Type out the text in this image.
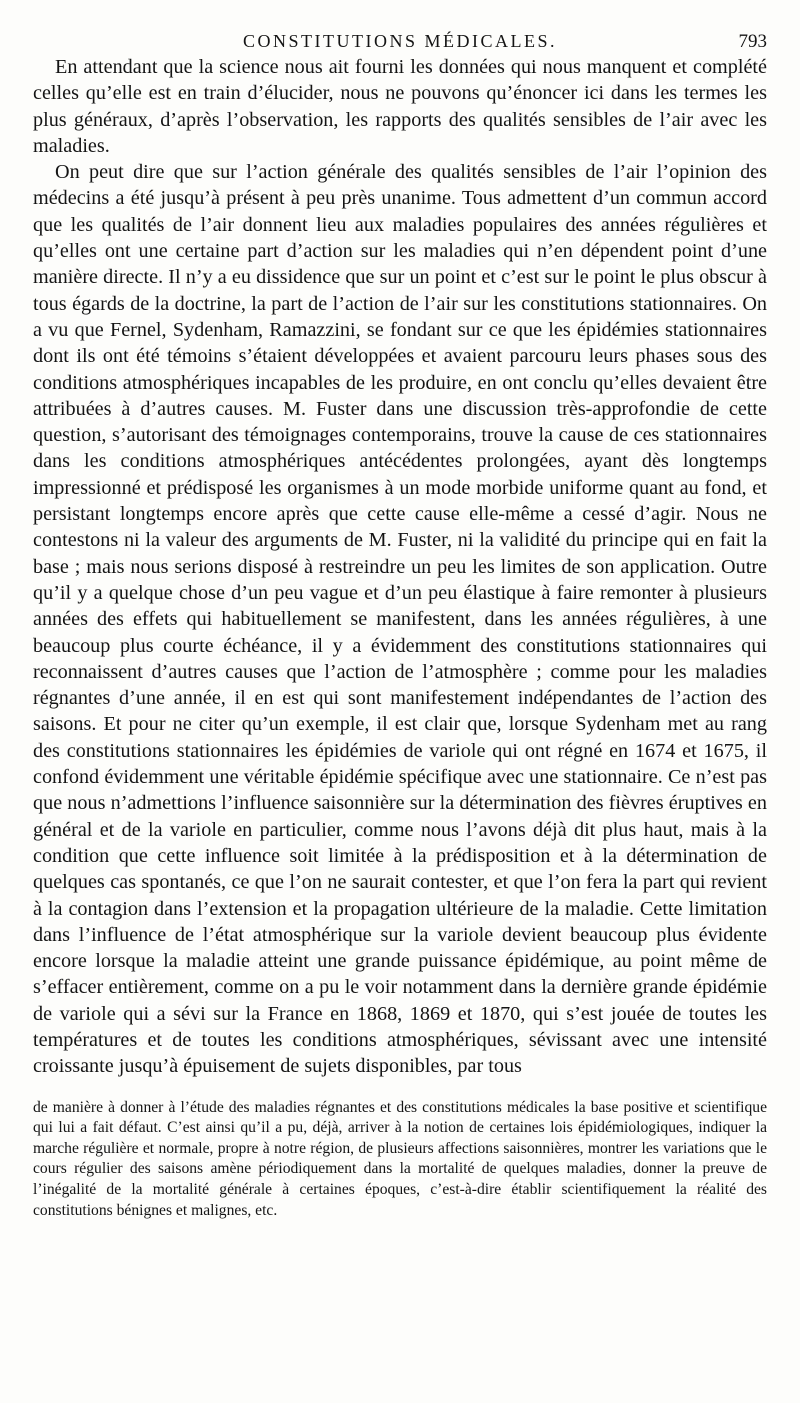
CONSTITUTIONS MÉDICALES.	793

En attendant que la science nous ait fourni les données qui nous manquent et complété celles qu’elle est en train d’élucider, nous ne pouvons qu’énoncer ici dans les termes les plus généraux, d’après l’observation, les rapports des qualités sensibles de l’air avec les maladies.

On peut dire que sur l’action générale des qualités sensibles de l’air l’opinion des médecins a été jusqu’à présent à peu près unanime. Tous admettent d’un commun accord que les qualités de l’air donnent lieu aux maladies populaires des années régulières et qu’elles ont une certaine part d’action sur les maladies qui n’en dépendent point d’une manière directe. Il n’y a eu dissidence que sur un point et c’est sur le point le plus obscur à tous égards de la doctrine, la part de l’action de l’air sur les constitutions stationnaires. On a vu que Fernel, Sydenham, Ramazzini, se fondant sur ce que les épidémies stationnaires dont ils ont été témoins s’étaient développées et avaient parcouru leurs phases sous des conditions atmosphériques incapables de les produire, en ont conclu qu’elles devaient être attribuées à d’autres causes. M. Fuster dans une discussion très-approfondie de cette question, s’autorisant des témoignages contemporains, trouve la cause de ces stationnaires dans les conditions atmosphériques antécédentes prolongées, ayant dès longtemps impressionné et prédisposé les organismes à un mode morbide uniforme quant au fond, et persistant longtemps encore après que cette cause elle-même a cessé d’agir. Nous ne contestons ni la valeur des arguments de M. Fuster, ni la validité du principe qui en fait la base ; mais nous serions disposé à restreindre un peu les limites de son application. Outre qu’il y a quelque chose d’un peu vague et d’un peu élastique à faire remonter à plusieurs années des effets qui habituellement se manifestent, dans les années régulières, à une beaucoup plus courte échéance, il y a évidemment des constitutions stationnaires qui reconnaissent d’autres causes que l’action de l’atmosphère ; comme pour les maladies régnantes d’une année, il en est qui sont manifestement indépendantes de l’action des saisons. Et pour ne citer qu’un exemple, il est clair que, lorsque Sydenham met au rang des constitutions stationnaires les épidémies de variole qui ont régné en 1674 et 1675, il confond évidemment une véritable épidémie spécifique avec une stationnaire. Ce n’est pas que nous n’admettions l’influence saisonnière sur la détermination des fièvres éruptives en général et de la variole en particulier, comme nous l’avons déjà dit plus haut, mais à la condition que cette influence soit limitée à la prédisposition et à la détermination de quelques cas spontanés, ce que l’on ne saurait contester, et que l’on fera la part qui revient à la contagion dans l’extension et la propagation ultérieure de la maladie. Cette limitation dans l’influence de l’état atmosphérique sur la variole devient beaucoup plus évidente encore lorsque la maladie atteint une grande puissance épidémique, au point même de s’effacer entièrement, comme on a pu le voir notamment dans la dernière grande épidémie de variole qui a sévi sur la France en 1868, 1869 et 1870, qui s’est jouée de toutes les températures et de toutes les conditions atmosphériques, sévissant avec une intensité croissante jusqu’à épuisement de sujets disponibles, par tous

de manière à donner à l’étude des maladies régnantes et des constitutions médicales la base positive et scientifique qui lui a fait défaut. C’est ainsi qu’il a pu, déjà, arriver à la notion de certaines lois épidémiologiques, indiquer la marche régulière et normale, propre à notre région, de plusieurs affections saisonnières, montrer les variations que le cours régulier des saisons amène périodiquement dans la mortalité de quelques maladies, donner la preuve de l’inégalité de la mortalité générale à certaines époques, c’est-à-dire établir scientifiquement la réalité des constitutions bénignes et malignes, etc.
